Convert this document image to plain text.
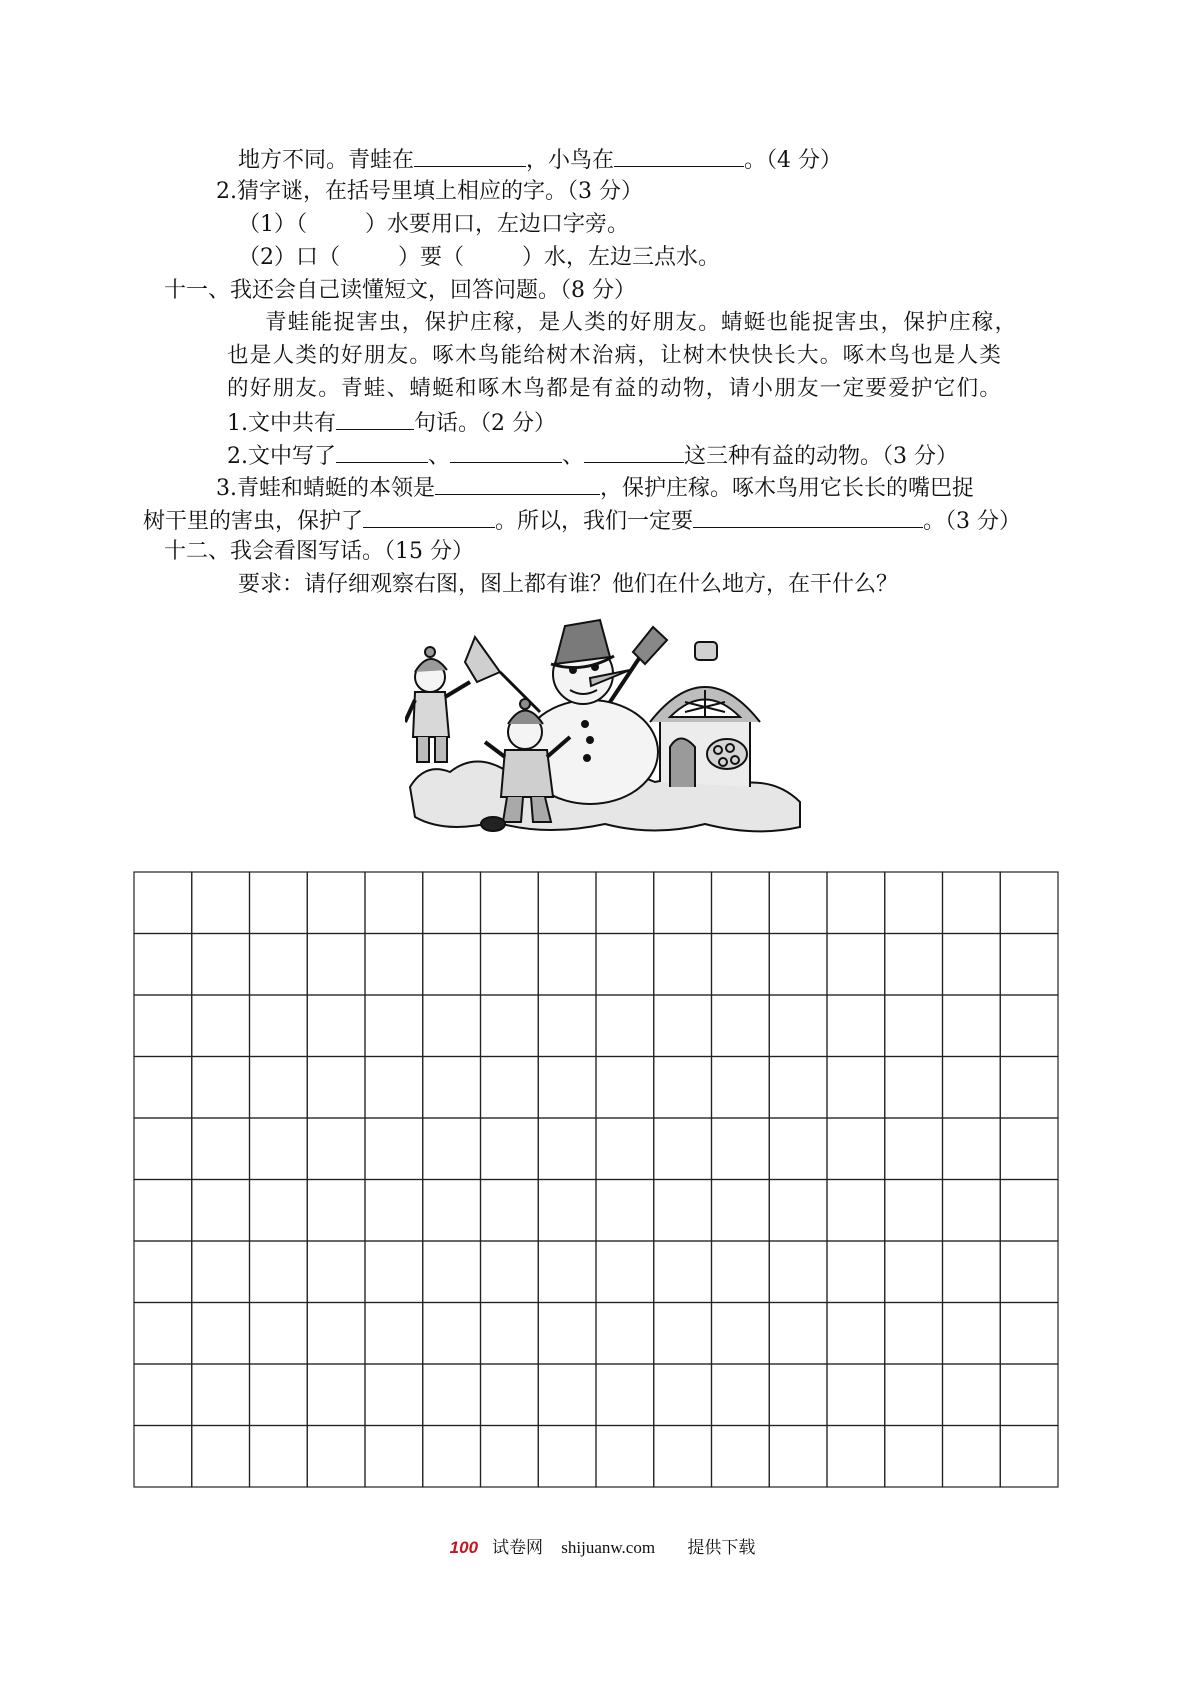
地方不同。青蛙在	，小鸟在	。（4 分）
2.猜字谜，在括号里填上相应的字。（3 分）
（1）（	）水要用口，左边口字旁。
（2）口（	）要（	）水，左边三点水。
十一、我还会自己读懂短文，回答问题。（8 分）
青蛙能捉害虫，保护庄稼，是人类的好朋友。蜻蜓也能捉害虫，保护庄稼，
也是人类的好朋友。啄木鸟能给树木治病，让树木快快长大。啄木鸟也是人类
的好朋友。青蛙、蜻蜓和啄木鸟都是有益的动物，请小朋友一定要爱护它们。
1.文中共有	句话。（2 分）
2.文中写了	、	、	这三种有益的动物。（3 分）
3.青蛙和蜻蜓的本领是	，保护庄稼。啄木鸟用它长长的嘴巴捉
树干里的害虫，保护了	。所以，我们一定要	。（3 分）
十二、我会看图写话。（15 分）
要求：请仔细观察右图，图上都有谁？他们在什么地方，在干什么？
100 试卷网 shijuanw.com 提供下载
